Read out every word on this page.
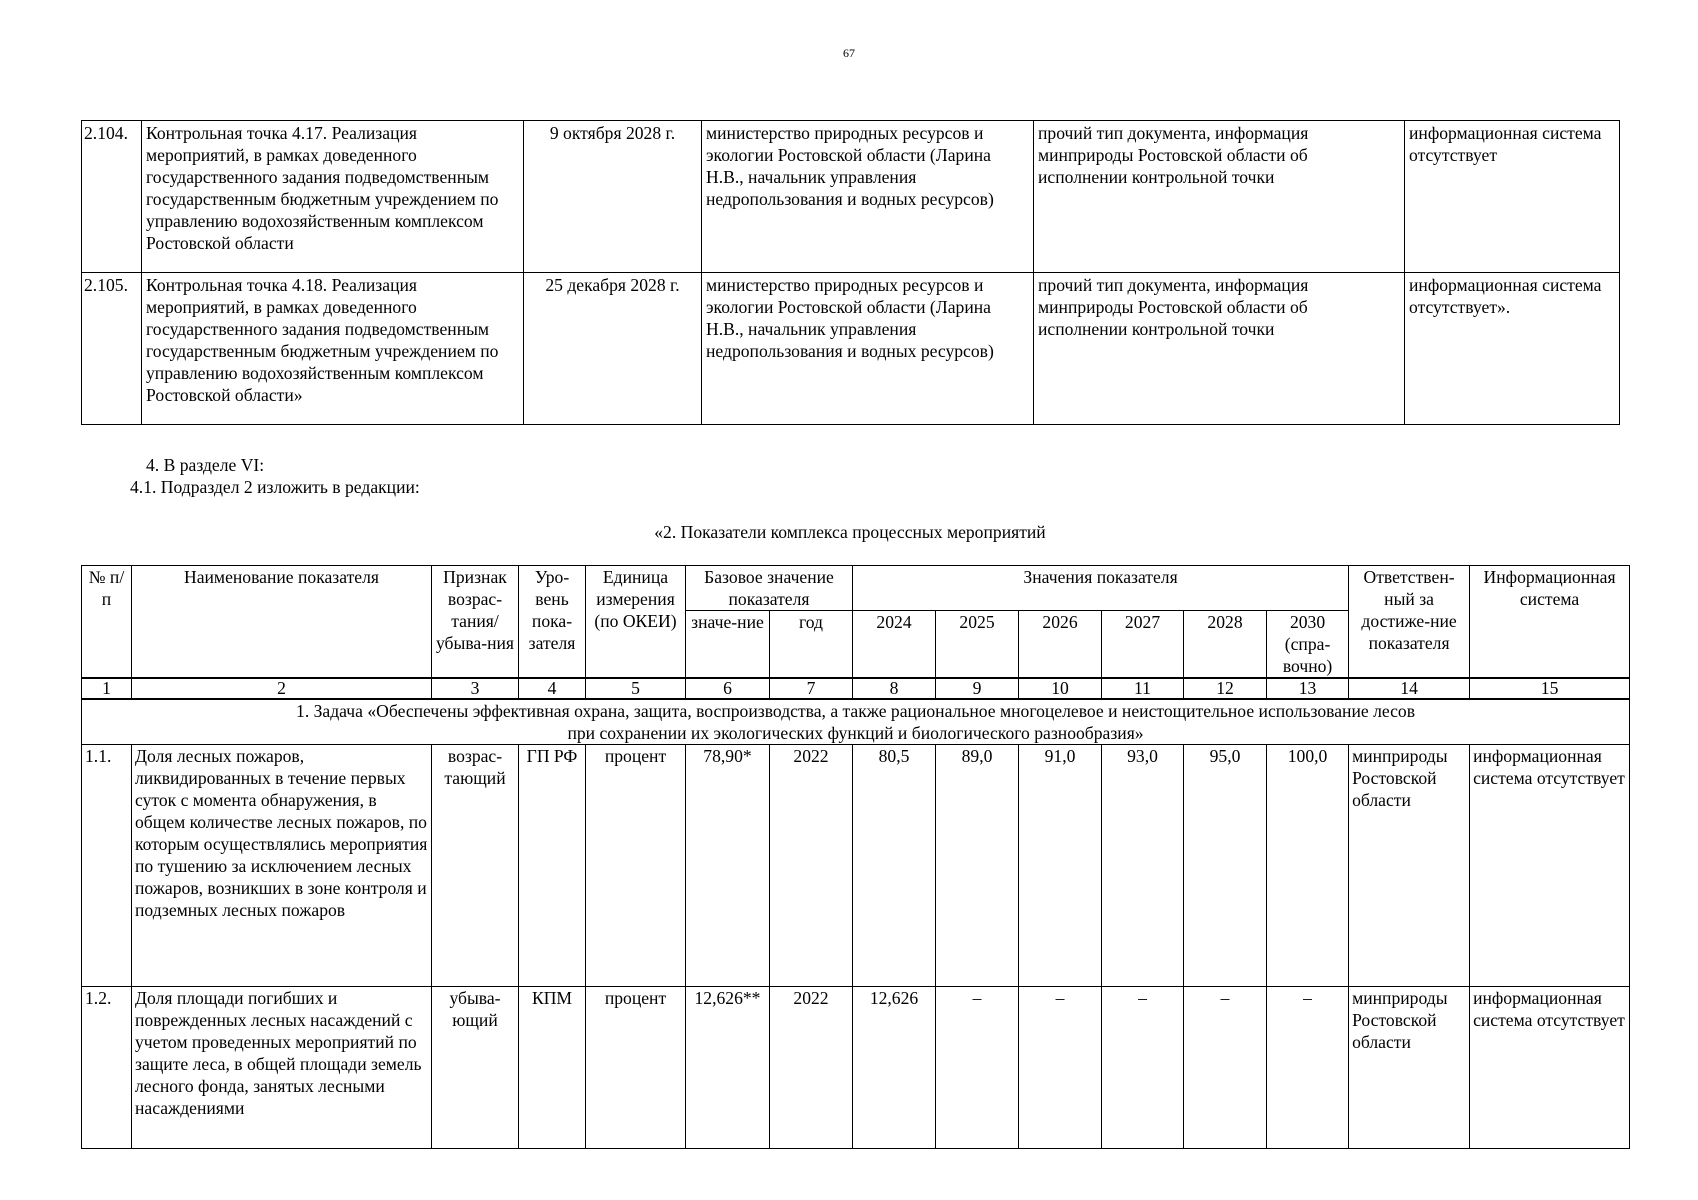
67
2.104.	Контрольная точка 4.17. Реализация мероприятий, в рамках доведенного государственного задания подведомственным государственным бюджетным учреждением по управлению водохозяйственным комплексом Ростовской области	9 октября 2028 г.	министерство природных ресурсов и экологии Ростовской области (Ларина Н.В., начальник управления недропользования и водных ресурсов)	прочий тип документа, информация минприроды Ростовской области об исполнении контрольной точки	информационная система отсутствует
2.105.	Контрольная точка 4.18. Реализация мероприятий, в рамках доведенного государственного задания подведомственным государственным бюджетным учреждением по управлению водохозяйственным комплексом Ростовской области»	25 декабря 2028 г.	министерство природных ресурсов и экологии Ростовской области (Ларина Н.В., начальник управления недропользования и водных ресурсов)	прочий тип документа, информация минприроды Ростовской области об исполнении контрольной точки	информационная система отсутствует».
4. В разделе VI:
4.1. Подраздел 2 изложить в редакции:
«2. Показатели комплекса процессных мероприятий
№ п/п	Наименование показателя	Признак возрас-тания/ убыва-ния	Уро-вень пока-зателя	Единица измерения (по ОКЕИ)	Базовое значение показателя		Значения показателя						Ответствен-ный за достиже-ние показателя	Информационная система
					значе-ние	год	2024	2025	2026	2027	2028	2030 (спра-вочно)		
1	2	3	4	5	6	7	8	9	10	11	12	13	14	15
1. Задача «Обеспечены эффективная охрана, защита, воспроизводства, а также рациональное многоцелевое и неистощительное использование лесов при сохранении их экологических функций и биологического разнообразия»														
1.1.	Доля лесных пожаров, ликвидированных в течение первых суток с момента обнаружения, в общем количестве лесных пожаров, по которым осуществлялись мероприятия по тушению за исключением лесных пожаров, возникших в зоне контроля и подземных лесных пожаров	возрас-тающий	ГП РФ	процент	78,90*	2022	80,5	89,0	91,0	93,0	95,0	100,0	минприроды Ростовской области	информационная система отсутствует
1.2.	Доля площади погибших и поврежденных лесных насаждений с учетом проведенных мероприятий по защите леса, в общей площади земель лесного фонда, занятых лесными насаждениями	убыва-ющий	КПМ	процент	12,626**	2022	12,626	–	–	–	–	–	минприроды Ростовской области	информационная система отсутствует
